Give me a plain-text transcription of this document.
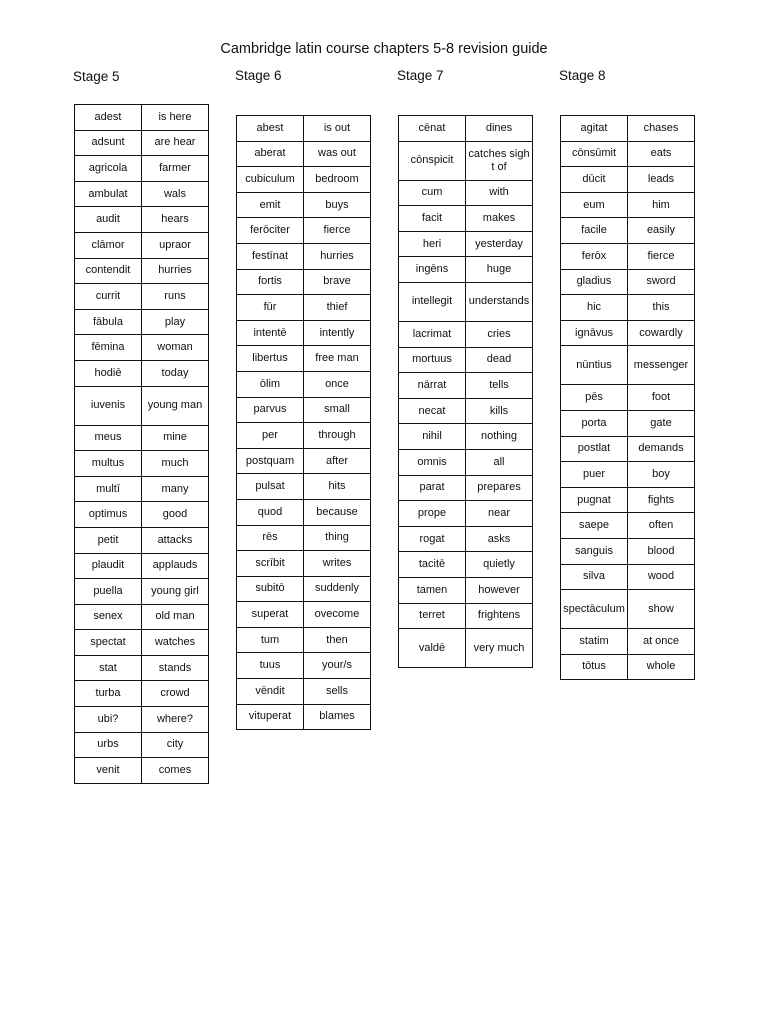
Cambridge latin course chapters 5-8 revision guide
Stage 5
adest	is here
adsunt	are hear
agricola	farmer
ambulat	wals
audit	hears
clāmor	upraor
contendit	hurries
currit	runs
fābula	play
fēmina	woman
hodiē	today
iuvenis	young man
meus	mine
multus	much
multī	many
optimus	good
petit	attacks
plaudit	applauds
puella	young girl
senex	old man
spectat	watches
stat	stands
turba	crowd
ubi?	where?
urbs	city
venit	comes
Stage 6
abest	is out
aberat	was out
cubiculum	bedroom
emit	buys
ferōciter	fierce
festīnat	hurries
fortis	brave
fūr	thief
intentē	intently
libertus	free man
ōlim	once
parvus	small
per	through
postquam	after
pulsat	hits
quod	because
rēs	thing
scrībit	writes
subitō	suddenly
superat	ovecome
tum	then
tuus	your/s
vēndit	sells
vituperat	blames
Stage 7
cēnat	dines
cōnspicit	catches sight of
cum	with
facit	makes
heri	yesterday
ingēns	huge
intellegit	understands
lacrimat	cries
mortuus	dead
nārrat	tells
necat	kills
nihil	nothing
omnis	all
parat	prepares
prope	near
rogat	asks
tacitē	quietly
tamen	however
terret	frightens
valdē	very much
Stage 8
agitat	chases
cōnsūmit	eats
dūcit	leads
eum	him
facile	easily
ferōx	fierce
gladius	sword
hic	this
ignāvus	cowardly
nūntius	messenger
pēs	foot
porta	gate
postlat	demands
puer	boy
pugnat	fights
saepe	often
sanguis	blood
silva	wood
spectāculum	show
statim	at once
tōtus	whole
